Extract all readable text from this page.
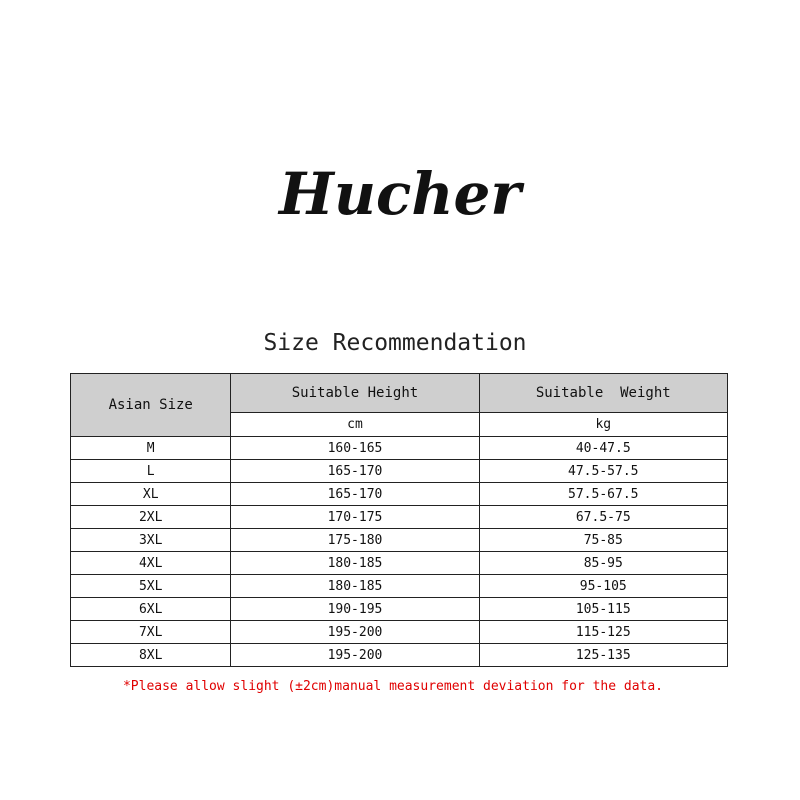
Hucher
Size Recommendation
Asian Size	Suitable Height	Suitable  Weight
	cm	kg
M	160-165	40-47.5
L	165-170	47.5-57.5
XL	165-170	57.5-67.5
2XL	170-175	67.5-75
3XL	175-180	75-85
4XL	180-185	85-95
5XL	180-185	95-105
6XL	190-195	105-115
7XL	195-200	115-125
8XL	195-200	125-135
*Please allow slight (±2cm)manual measurement deviation for the data.
